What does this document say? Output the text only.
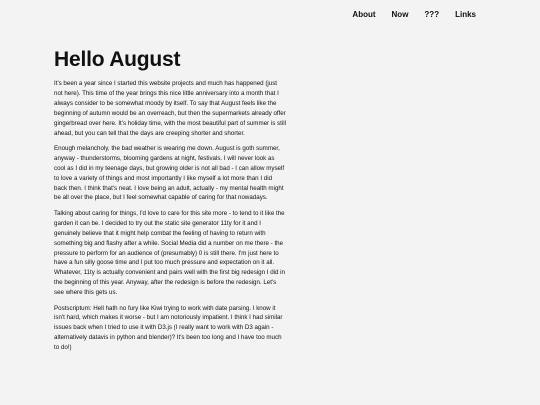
About Now ??? Links
Hello August

It's been a year since I started this website projects and much has happened (just not here). This time of the year brings this nice little anniversary into a month that I always consider to be somewhat moody by itself. To say that August feels like the beginning of autumn would be an overreach, but then the supermarkets already offer gingerbread over here. It's holiday time, with the most beautiful part of summer is still ahead, but you can tell that the days are creeping shorter and shorter.

Enough melancholy, the bad weather is wearing me down. August is goth summer, anyway - thunderstorms, blooming gardens at night, festivals. I will never look as cool as I did in my teenage days, but growing older is not all bad - I can allow myself to love a variety of things and most importantly I like myself a lot more than I did back then. I think that's neat. I love being an adult, actually - my mental health might be all over the place, but I feel somewhat capable of caring for that nowadays.

Talking about caring for things, I'd love to care for this site more - to tend to it like the garden it can be. I decided to try out the static site generator 11ty for it and I genuinely believe that it might help combat the feeling of having to return with something big and flashy after a while. Social Media did a number on me there - the pressure to perform for an audience of (presumably) 0 is still there. I'm just here to have a fun silly goose time and I put too much pressure and expectation on it all. Whatever, 11ty is actually convenient and pairs well with the first big redesign I did in the beginning of this year. Anyway, after the redesign is before the redesign. Let's see where this gets us.

Postscriptum: Hell hath no fury like Kiwi trying to work with date parsing. I know it isn't hard, which makes it worse - but I am notoriously impatient. I think I had similar issues back when I tried to use it with D3.js (I really want to work with D3 again - alternatively datavis in python and blender)? It's been too long and I have too much to do!)
